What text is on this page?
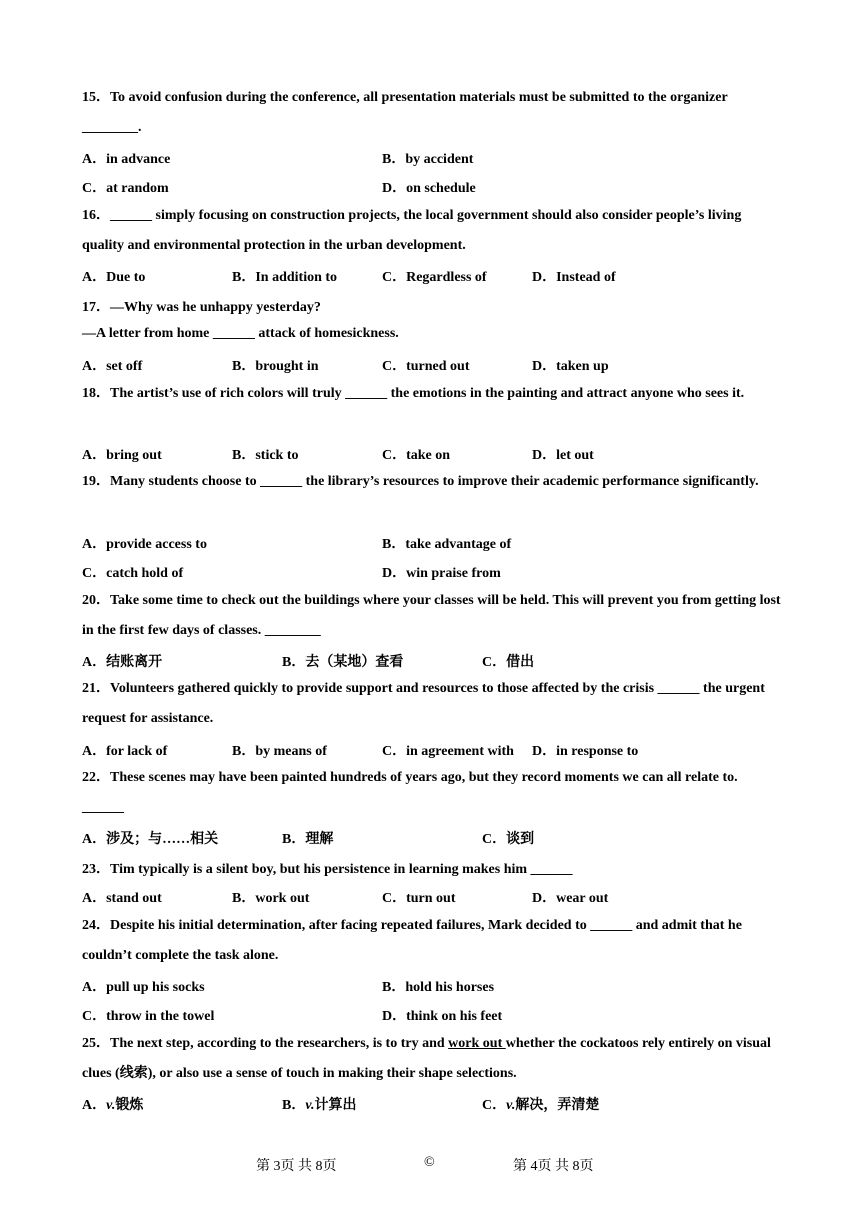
15．To avoid confusion during the conference, all presentation materials must be submitted to the organizer ________.
A．in advance	B．by accident
C．at random	D．on schedule
16．______ simply focusing on construction projects, the local government should also consider people’s living quality and environmental protection in the urban development.
A．Due to	B．In addition to	C．Regardless of	D．Instead of
17．—Why was he unhappy yesterday?
—A letter from home ______ attack of homesickness.
A．set off	B．brought in	C．turned out	D．taken up
18．The artist’s use of rich colors will truly ______ the emotions in the painting and attract anyone who sees it.
A．bring out	B．stick to	C．take on	D．let out
19．Many students choose to ______ the library’s resources to improve their academic performance significantly.
A．provide access to	B．take advantage of
C．catch hold of	D．win praise from
20．Take some time to check out the buildings where your classes will be held. This will prevent you from getting lost in the first few days of classes. ________
A．结账离开	B．去（某地）查看	C．借出
21．Volunteers gathered quickly to provide support and resources to those affected by the crisis ______ the urgent request for assistance.
A．for lack of	B．by means of	C．in agreement with D．in response to
22．These scenes may have been painted hundreds of years ago, but they record moments we can all relate to. ______
A．涉及；与……相关	B．理解	C．谈到
23．Tim typically is a silent boy, but his persistence in learning makes him ______
A．stand out	B．work out	C．turn out	D．wear out
24．Despite his initial determination, after facing repeated failures, Mark decided to ______ and admit that he couldn’t complete the task alone.
A．pull up his socks	B．hold his horses
C．throw in the towel	D．think on his feet
25．The next step, according to the researchers, is to try and work out whether the cockatoos rely entirely on visual clues (线索), or also use a sense of touch in making their shape selections.
A．v.锻炼	B．v.计算出	C．v.解决，弄清楚
第 3页 共 8页	©	第 4页 共 8页
